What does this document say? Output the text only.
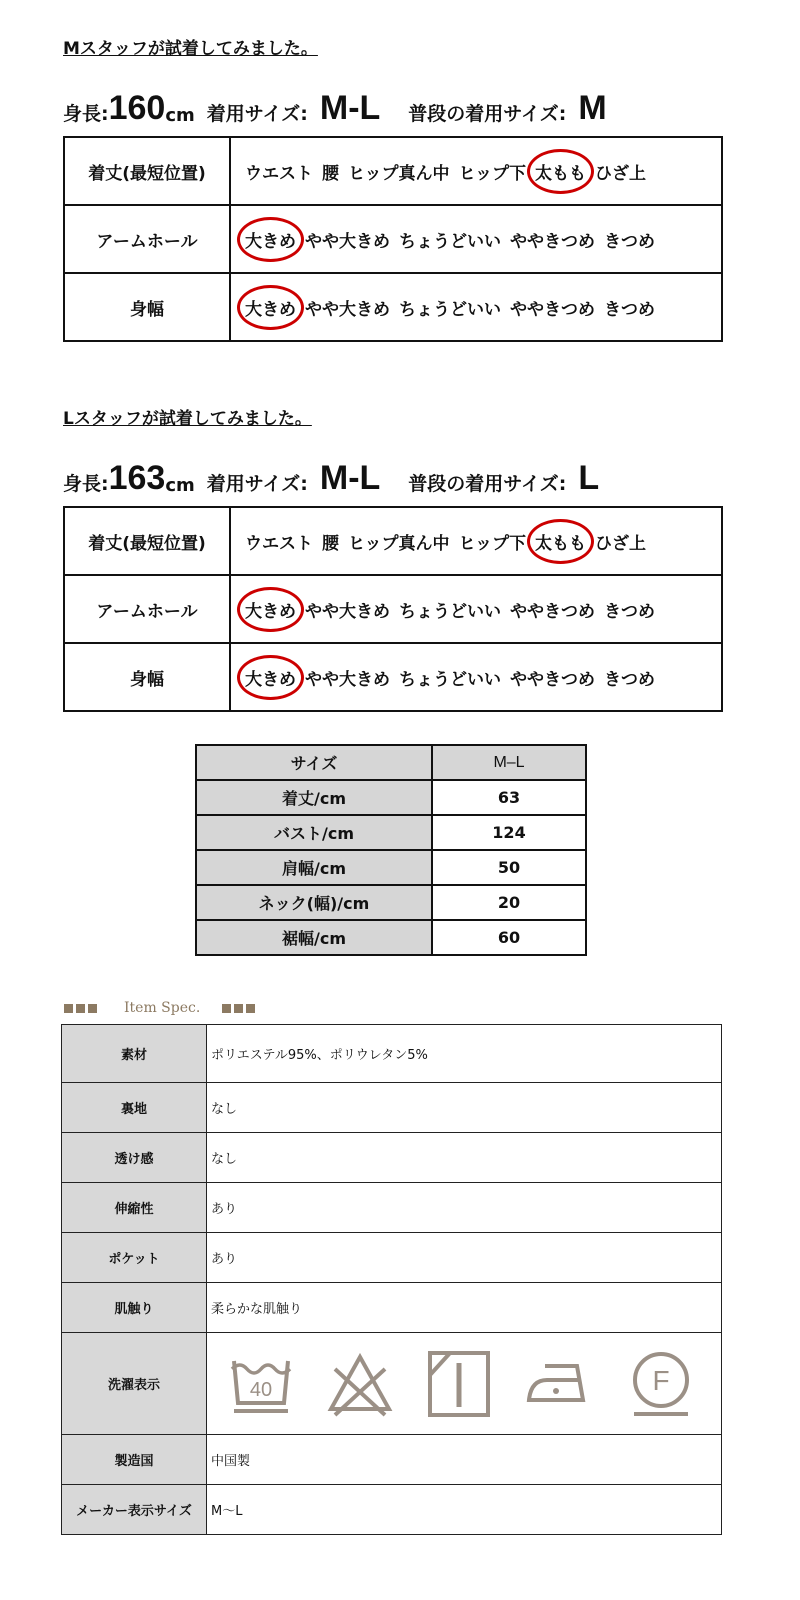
Mスタッフが試着してみました。

身長: 160 cm 着用サイズ: M-L 普段の着用サイズ: M
着丈(最短位置)	ウエスト 腰 ヒップ真ん中 ヒップ下 太もも ひざ上
アームホール	大きめ やや大きめ ちょうどいい ややきつめ きつめ
身幅	大きめ やや大きめ ちょうどいい ややきつめ きつめ

Lスタッフが試着してみました。

身長: 163 cm 着用サイズ: M-L 普段の着用サイズ: L
着丈(最短位置)	ウエスト 腰 ヒップ真ん中 ヒップ下 太もも ひざ上
アームホール	大きめ やや大きめ ちょうどいい ややきつめ きつめ
身幅	大きめ やや大きめ ちょうどいい ややきつめ きつめ
サイズ	M–L
着丈/cm	63
バスト/cm	124
肩幅/cm	50
ネック(幅)/cm	20
裾幅/cm	60
Item Spec.
素材	ポリエステル95%、ポリウレタン5%
裏地	なし
透け感	なし
伸縮性	あり
ポケット	あり
肌触り	柔らかな肌触り
洗濯表示	40 F

製造国	中国製
メーカー表示サイズ	M～L
